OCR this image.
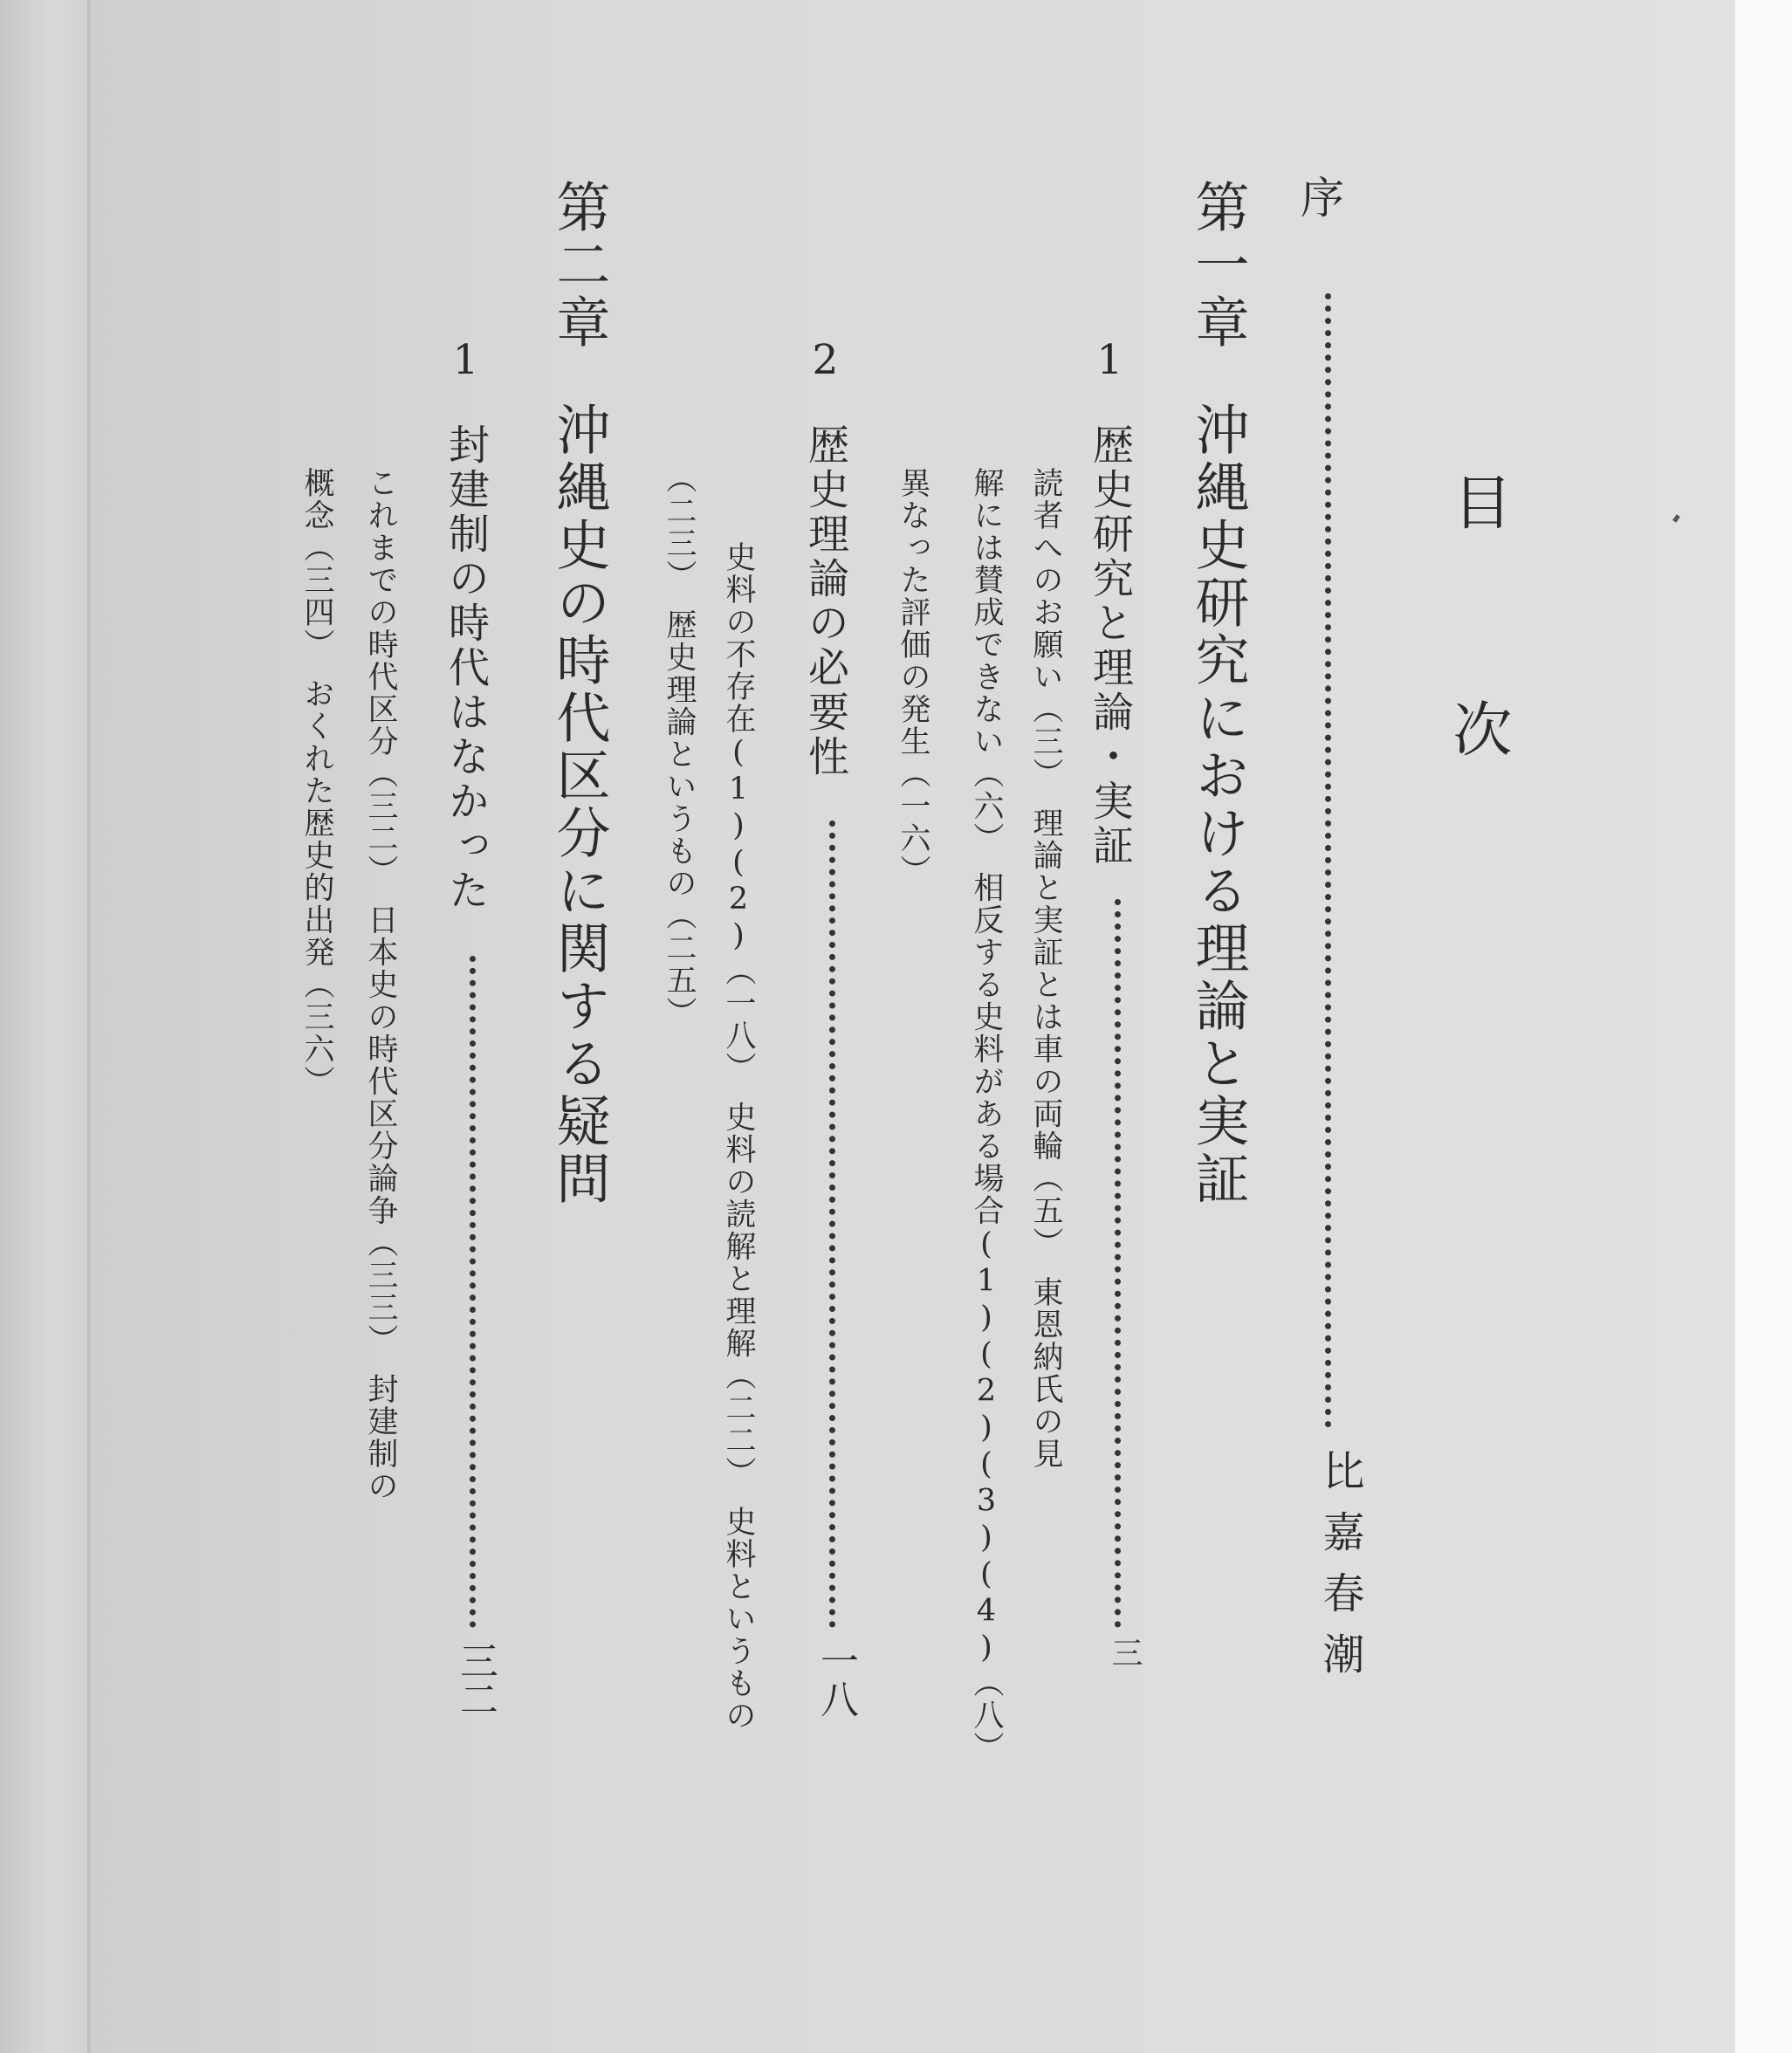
目
次
序
比嘉春潮
第一章
沖縄史研究における理論と実証
1
歴史研究と理論・実証
三
読者へのお願い（三）　理論と実証とは車の両輪（五）　東恩納氏の見
解には賛成できない（六）　相反する史料がある場合(1)(2)(3)(4)（八）
異なった評価の発生（一六）
2
歴史理論の必要性
一八
史料の不存在(1)(2)（一八）　史料の読解と理解（二二）　史料というもの
（二三）　歴史理論というもの（二五）
第二章
沖縄史の時代区分に関する疑問
1
封建制の時代はなかった
三二
これまでの時代区分（三二）　日本史の時代区分論争（三三）　封建制の
概念（三四）　おくれた歴史的出発（三六）
